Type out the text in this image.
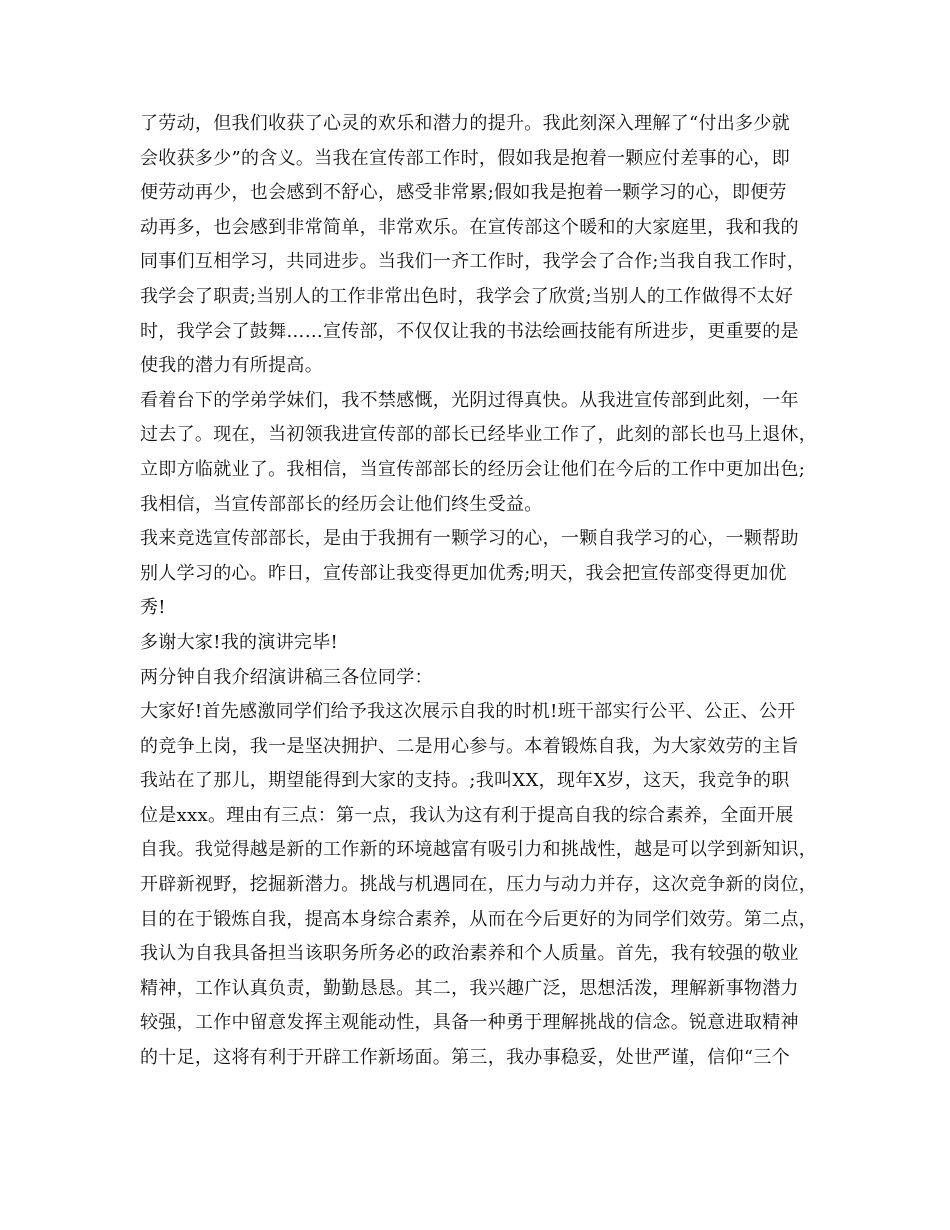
了劳动，但我们收获了心灵的欢乐和潜力的提升。我此刻深入理解了“付出多少就
会收获多少”的含义。当我在宣传部工作时，假如我是抱着一颗应付差事的心，即
便劳动再少，也会感到不舒心，感受非常累;假如我是抱着一颗学习的心，即便劳
动再多，也会感到非常简单，非常欢乐。在宣传部这个暖和的大家庭里，我和我的
同事们互相学习，共同进步。当我们一齐工作时，我学会了合作;当我自我工作时，
我学会了职责;当别人的工作非常出色时，我学会了欣赏;当别人的工作做得不太好
时，我学会了鼓舞……宣传部，不仅仅让我的书法绘画技能有所进步，更重要的是
使我的潜力有所提高。
看着台下的学弟学妹们，我不禁感慨，光阴过得真快。从我进宣传部到此刻，一年
过去了。现在，当初领我进宣传部的部长已经毕业工作了，此刻的部长也马上退休，
立即方临就业了。我相信，当宣传部部长的经历会让他们在今后的工作中更加出色;
我相信，当宣传部部长的经历会让他们终生受益。
我来竞选宣传部部长，是由于我拥有一颗学习的心，一颗自我学习的心，一颗帮助
别人学习的心。昨日，宣传部让我变得更加优秀;明天，我会把宣传部变得更加优
秀!
多谢大家!我的演讲完毕!
两分钟自我介绍演讲稿三各位同学：
大家好!首先感激同学们给予我这次展示自我的时机!班干部实行公平、公正、公开
的竞争上岗，我一是坚决拥护、二是用心参与。本着锻炼自我，为大家效劳的主旨
我站在了那儿，期望能得到大家的支持。;我叫XX，现年X岁，这天，我竞争的职
位是xxx。理由有三点：第一点，我认为这有利于提高自我的综合素养，全面开展
自我。我觉得越是新的工作新的环境越富有吸引力和挑战性，越是可以学到新知识，
开辟新视野，挖掘新潜力。挑战与机遇同在，压力与动力并存，这次竞争新的岗位，
目的在于锻炼自我，提高本身综合素养，从而在今后更好的为同学们效劳。第二点，
我认为自我具备担当该职务所务必的政治素养和个人质量。首先，我有较强的敬业
精神，工作认真负责，勤勤恳恳。其二，我兴趣广泛，思想活泼，理解新事物潜力
较强，工作中留意发挥主观能动性，具备一种勇于理解挑战的信念。锐意进取精神
的十足，这将有利于开辟工作新场面。第三，我办事稳妥，处世严谨，信仰“三个
